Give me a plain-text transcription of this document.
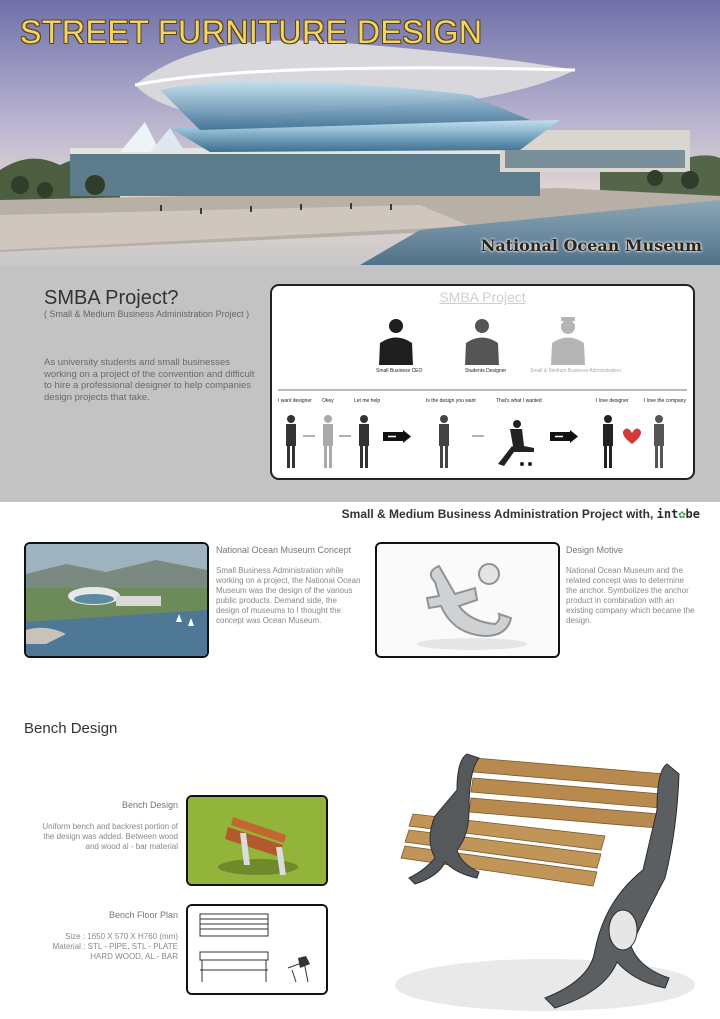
STREET FURNITURE DESIGN
National Ocean Museum
SMBA Project?
( Small & Medium Business Administration Project )
As university students and small businesses working on a project of the convention and difficult to hire a professional designer to help companies design projects that take.
SMBA Project
Small Business CEO	Students Designer	Small & Medium Business Administration
I want designer Okey	Let me help	Is the design you want	That's what I wanted	I love designer	I love the company
Small & Medium Business Administration Project with, int✿be
National Ocean Museum Concept
Small Business Administration while working on a project, the National Ocean Museum was the design of the various public products. Demand side, the design of museums to I thought the concept was Ocean Museum.
Design Motive
National Ocean Museum and the related concept was to determine the anchor. Symbolizes the anchor product in combination with an existing company which became the design.
Bench Design
Bench Design
Uniform bench and backrest portion of the design was added. Between wood and wood al - bar material
Bench Floor Plan
Size : 1650 X 570 X H760 (mm) Material : STL - PIPE, STL - PLATE HARD WOOD, AL - BAR
